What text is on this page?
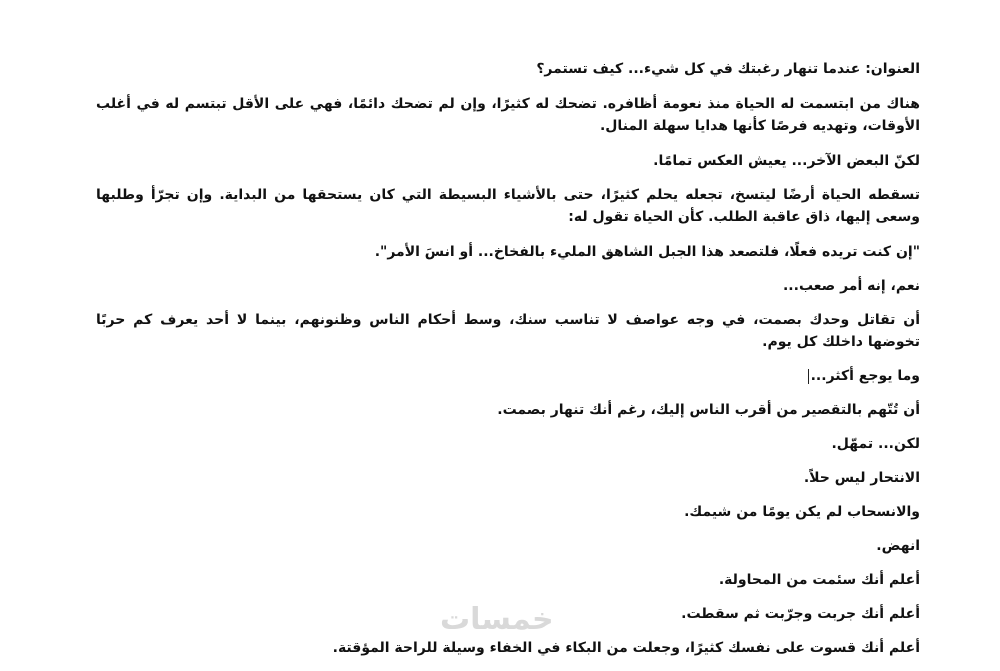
العنوان: عندما تنهار رغبتك في كل شيء... كيف تستمر؟

هناك من ابتسمت له الحياة منذ نعومة أظافره. تضحك له كثيرًا، وإن لم تضحك دائمًا، فهي على الأقل تبتسم له في أغلب الأوقات، وتهديه فرصًا كأنها هدايا سهلة المنال.

لكنّ البعض الآخر... يعيش العكس تمامًا.

تسقطه الحياة أرضًا ليتسخ، تجعله يحلم كثيرًا، حتى بالأشياء البسيطة التي كان يستحقها من البداية. وإن تجرّأ وطلبها وسعى إليها، ذاق عاقبة الطلب. كأن الحياة تقول له:

"إن كنت تريده فعلًا، فلتصعد هذا الجبل الشاهق المليء بالفخاخ... أو انسَ الأمر".

نعم، إنه أمر صعب...

أن تقاتل وحدك بصمت، في وجه عواصف لا تناسب سنك، وسط أحكام الناس وظنونهم، بينما لا أحد يعرف كم حربًا تخوضها داخلك كل يوم.

وما يوجع أكثر...

أن تُتّهم بالتقصير من أقرب الناس إليك، رغم أنك تنهار بصمت.

لكن... تمهّل.

الانتحار ليس حلاً.

والانسحاب لم يكن يومًا من شيمك.

انهض.

أعلم أنك سئمت من المحاولة.

أعلم أنك جربت وجرّبت ثم سقطت.

أعلم أنك قسوت على نفسك كثيرًا، وجعلت من البكاء في الخفاء وسيلة للراحة المؤقتة.

خمسات
